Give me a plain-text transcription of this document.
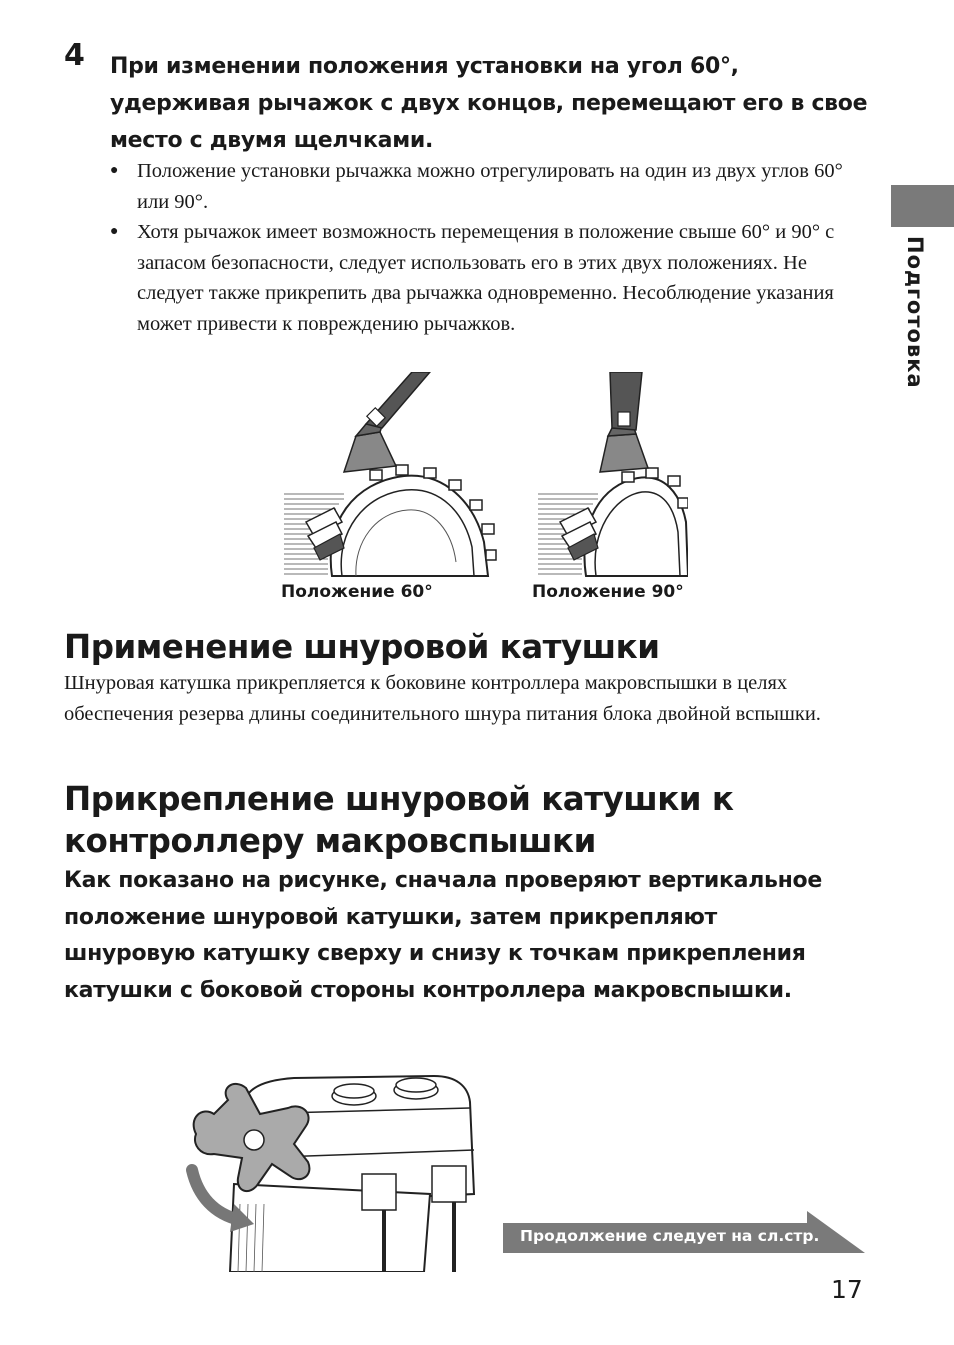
Подготовка
4 При изменении положения установки на угол 60°, удерживая рычажок с двух концов, перемещают его в свое место с двумя щелчками.
● Положение установки рычажка можно отрегулировать на один из двух углов 60° или 90°.
● Хотя рычажок имеет возможность перемещения в положение свыше 60° и 90° с запасом безопасности, следует использовать его в этих двух положениях. Не следует также прикрепить два рычажка одновременно. Несоблюдение указания может привести к повреждению рычажков.
Положение 60°	Положение 90°
Применение шнуровой катушки

Шнуровая катушка прикрепляется к боковине контроллера макровспышки в целях обеспечения резерва длины соединительного шнура питания блока двойной вспышки.

Прикрепление шнуровой катушки к контроллеру макровспышки

Как показано на рисунке, сначала проверяют вертикальное положение шнуровой катушки, затем прикрепляют шнуровую катушку сверху и снизу к точкам прикрепления катушки с боковой стороны контроллера макровспышки.

Продолжение следует на сл.стр.
17
